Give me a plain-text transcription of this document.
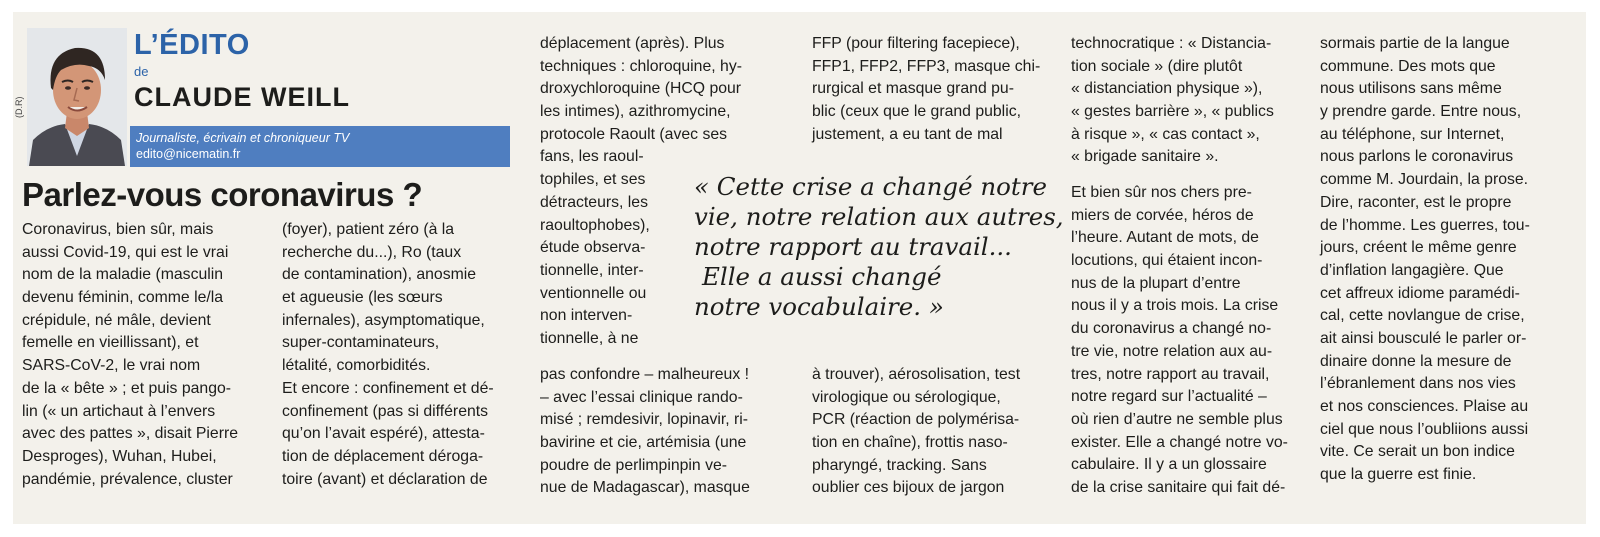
(D.R)
L’ÉDITO
de
CLAUDE WEILL
Journaliste, écrivain et chroniqueur TV
edito@nicematin.fr
Parlez-vous coronavirus ?
Coronavirus, bien sûr, mais
aussi Covid-19, qui est le vrai
nom de la maladie (masculin
devenu féminin, comme le/la
crépidule, né mâle, devient
femelle en vieillissant), et
SARS-CoV-2, le vrai nom
de la « bête » ; et puis pango-
lin (« un artichaut à l’envers
avec des pattes », disait Pierre
Desproges), Wuhan, Hubei,
pandémie, prévalence, cluster
(foyer), patient zéro (à la
recherche du...), Ro (taux
de contamination), anosmie
et agueusie (les sœurs
infernales), asymptomatique,
super-contaminateurs,
létalité, comorbidités.
Et encore : confinement et dé-
confinement (pas si différents
qu’on l’avait espéré), attesta-
tion de déplacement déroga-
toire (avant) et déclaration de
déplacement (après). Plus
techniques : chloroquine, hy-
droxychloroquine (HCQ pour
les intimes), azithromycine,
protocole Raoult (avec ses
fans, les raoul-
tophiles, et ses
détracteurs, les
raoultophobes),
étude observa-
tionnelle, inter-
ventionnelle ou
non interven-
tionnelle, à ne
pas confondre – malheureux !
– avec l’essai clinique rando-
misé ; remdesivir, lopinavir, ri-
bavirine et cie, artémisia (une
poudre de perlimpinpin ve-
nue de Madagascar), masque
FFP (pour filtering facepiece),
FFP1, FFP2, FFP3, masque chi-
rurgical et masque grand pu-
blic (ceux que le grand public,
justement, a eu tant de mal
à trouver), aérosolisation, test
virologique ou sérologique,
PCR (réaction de polymérisa-
tion en chaîne), frottis naso-
pharyngé, tracking. Sans
oublier ces bijoux de jargon
technocratique : « Distancia-
tion sociale » (dire plutôt
« distanciation physique »),
« gestes barrière », « publics
à risque », « cas contact »,
« brigade sanitaire ».
Et bien sûr nos chers pre-
miers de corvée, héros de
l’heure. Autant de mots, de
locutions, qui étaient incon-
nus de la plupart d’entre
nous il y a trois mois. La crise
du coronavirus a changé no-
tre vie, notre relation aux au-
tres, notre rapport au travail,
notre regard sur l’actualité –
où rien d’autre ne semble plus
exister. Elle a changé notre vo-
cabulaire. Il y a un glossaire
de la crise sanitaire qui fait dé-
sormais partie de la langue
commune. Des mots que
nous utilisons sans même
y prendre garde. Entre nous,
au téléphone, sur Internet,
nous parlons le coronavirus
comme M. Jourdain, la prose.
Dire, raconter, est le propre
de l’homme. Les guerres, tou-
jours, créent le même genre
d’inflation langagière. Que
cet affreux idiome paramédi-
cal, cette novlangue de crise,
ait ainsi bousculé le parler or-
dinaire donne la mesure de
l’ébranlement dans nos vies
et nos consciences. Plaise au
ciel que nous l’oubliions aussi
vite. Ce serait un bon indice
que la guerre est finie.
« Cette crise a changé notre
vie, notre relation aux autres,
notre rapport au travail...
Elle a aussi changé
notre vocabulaire. »
